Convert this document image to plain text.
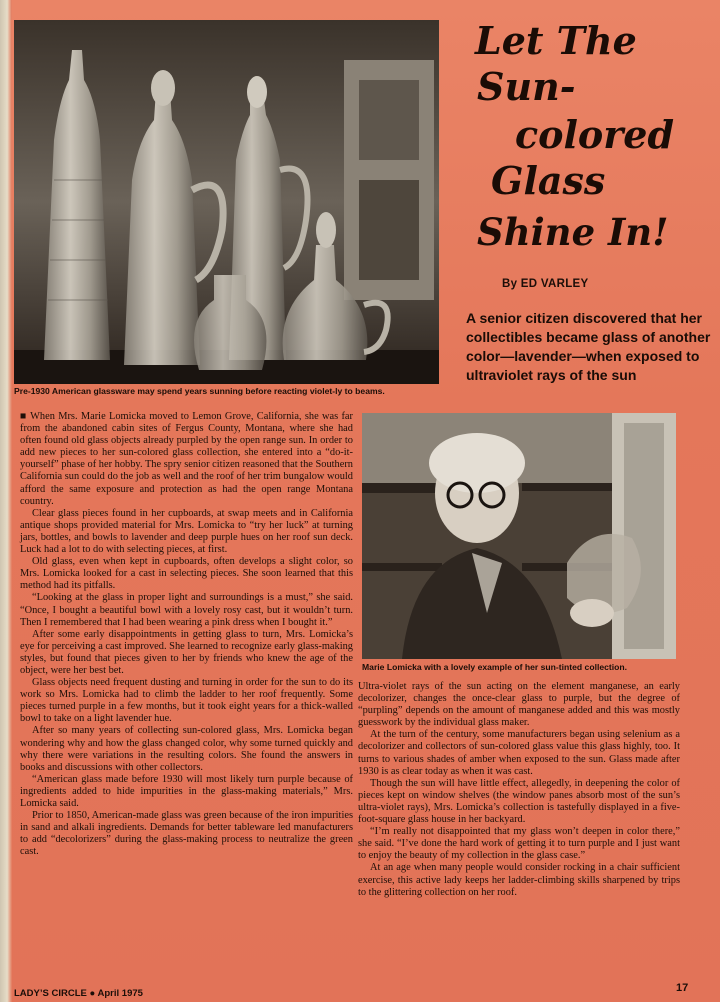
Pre-1930 American glassware may spend years sunning before reacting violet-ly to beams.
Let The
Sun-
colored
Glass
Shine In!
By ED VARLEY
A senior citizen discovered that her collectibles became glass of another color—lavender—when exposed to ultraviolet rays of the sun

■ When Mrs. Marie Lomicka moved to Lemon Grove, California, she was far from the abandoned cabin sites of Fergus County, Montana, where she had often found old glass objects already purpled by the open range sun. In order to add new pieces to her sun-colored glass collection, she entered into a “do-it-yourself” phase of her hobby. The spry senior citizen reasoned that the Southern California sun could do the job as well and the roof of her trim bungalow would afford the same exposure and protection as had the open range Montana country.

Clear glass pieces found in her cupboards, at swap meets and in California antique shops provided material for Mrs. Lomicka to “try her luck” at turning jars, bottles, and bowls to lavender and deep purple hues on her roof sun deck. Luck had a lot to do with selecting pieces, at first.

Old glass, even when kept in cupboards, often develops a slight color, so Mrs. Lomicka looked for a cast in selecting pieces. She soon learned that this method had its pitfalls.

“Looking at the glass in proper light and surroundings is a must,” she said. “Once, I bought a beautiful bowl with a lovely rosy cast, but it wouldn’t turn. Then I remembered that I had been wearing a pink dress when I bought it.”

After some early disappointments in getting glass to turn, Mrs. Lomicka’s eye for perceiving a cast improved. She learned to recognize early glass-making styles, but found that pieces given to her by friends who knew the age of the object, were her best bet.

Glass objects need frequent dusting and turning in order for the sun to do its work so Mrs. Lomicka had to climb the ladder to her roof frequently. Some pieces turned purple in a few months, but it took eight years for a thick-walled bowl to take on a light lavender hue.

After so many years of collecting sun-colored glass, Mrs. Lomicka began wondering why and how the glass changed color, why some turned quickly and why there were variations in the resulting colors. She found the answers in books and discussions with other collectors.

“American glass made before 1930 will most likely turn purple because of ingredients added to hide impurities in the glass-making materials,” Mrs. Lomicka said.

Prior to 1850, American-made glass was green because of the iron impurities in sand and alkali ingredients. Demands for better tableware led manufacturers to add “decolorizers” during the glass-making process to neutralize the green cast.

Marie Lomicka with a lovely example of her sun-tinted collection.

Ultra-violet rays of the sun acting on the element manganese, an early decolorizer, changes the once-clear glass to purple, but the degree of “purpling” depends on the amount of manganese added and this was mostly guesswork by the individual glass maker.

At the turn of the century, some manufacturers began using selenium as a decolorizer and collectors of sun-colored glass value this glass highly, too. It turns to various shades of amber when exposed to the sun. Glass made after 1930 is as clear today as when it was cast.

Though the sun will have little effect, allegedly, in deepening the color of pieces kept on window shelves (the window panes absorb most of the sun’s ultra-violet rays), Mrs. Lomicka’s collection is tastefully displayed in a five-foot-square glass house in her backyard.

“I’m really not disappointed that my glass won’t deepen in color there,” she said. “I’ve done the hard work of getting it to turn purple and I just want to enjoy the beauty of my collection in the glass case.”

At an age when many people would consider rocking in a chair sufficient exercise, this active lady keeps her ladder-climbing skills sharpened by trips to the glittering collection on her roof.

LADY’S CIRCLE ● April 1975	17
